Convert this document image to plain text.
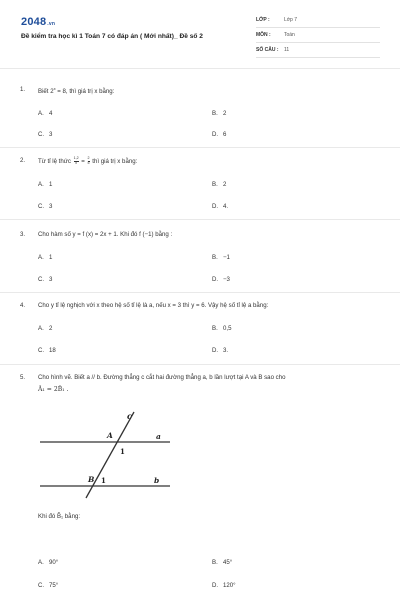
2048.vn
Đề kiểm tra học kì 1 Toán 7 có đáp án ( Mới nhất)_ Đề số 2
LỚP :	Lớp 7
MÔN :	Toán
SỐ CÂU : 11
1. Biết $2^x = 8$, thì giá trị x bằng:
A. 4	B. 2
C. 3	D. 6
2. Từ tỉ lệ thức $\frac{1,2}{x} = \frac{2}{5}$ thì giá trị x bằng:
A. 1	B. 2
C. 3	D. 4.
3. Cho hàm số y = f (x) = 2x + 1. Khi đó f (−1) bằng :
A. 1	B. −1
C. 3	D. −3
4. Cho y tỉ lệ nghịch với x theo hệ số tỉ lệ là a, nếu x = 3 thì y = 6. Vậy hệ số tỉ lệ a bằng:
A. 2	B. 0,5
C. 18	D. 3.
5. Cho hình vẽ. Biết a // b. Đường thẳng c cắt hai đường thẳng a, b lần lượt tại A và B sao cho
Â₁ = 2B̂₁ .
c
A	a
1
B 1	b
Khi đó B̂₁ bằng:
A. 90°	B. 45°
C. 75°	D. 120°
